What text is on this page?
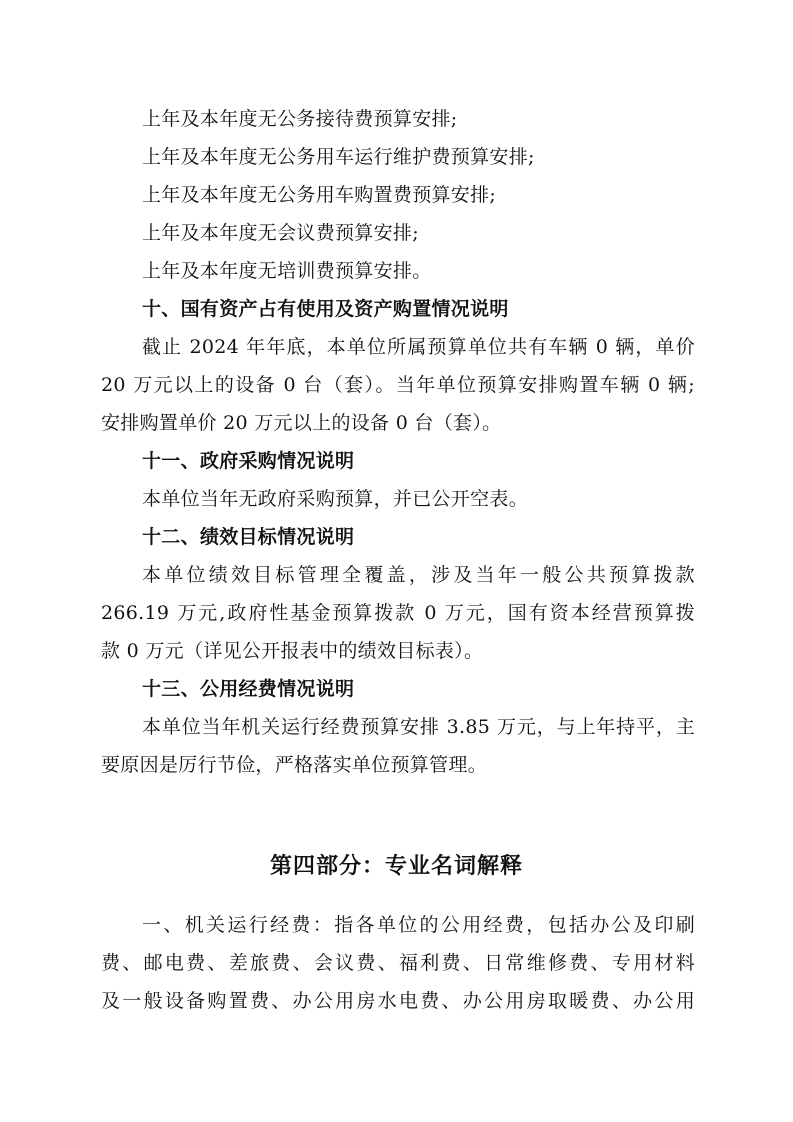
上年及本年度无公务接待费预算安排;
上年及本年度无公务用车运行维护费预算安排;
上年及本年度无公务用车购置费预算安排;
上年及本年度无会议费预算安排;
上年及本年度无培训费预算安排。
十、国有资产占有使用及资产购置情况说明
截止 2024 年年底，本单位所属预算单位共有车辆 0 辆，单价
20 万元以上的设备 0 台（套）。当年单位预算安排购置车辆 0 辆;
安排购置单价 20 万元以上的设备 0 台（套）。
十一、政府采购情况说明
本单位当年无政府采购预算，并已公开空表。
十二、绩效目标情况说明
本单位绩效目标管理全覆盖，涉及当年一般公共预算拨款
266.19 万元,政府性基金预算拨款 0 万元，国有资本经营预算拨
款 0 万元（详见公开报表中的绩效目标表）。
十三、公用经费情况说明
本单位当年机关运行经费预算安排 3.85 万元，与上年持平，主
要原因是厉行节俭，严格落实单位预算管理。
第四部分：专业名词解释
一、机关运行经费：指各单位的公用经费，包括办公及印刷
费、邮电费、差旅费、会议费、福利费、日常维修费、专用材料
及一般设备购置费、办公用房水电费、办公用房取暖费、办公用
